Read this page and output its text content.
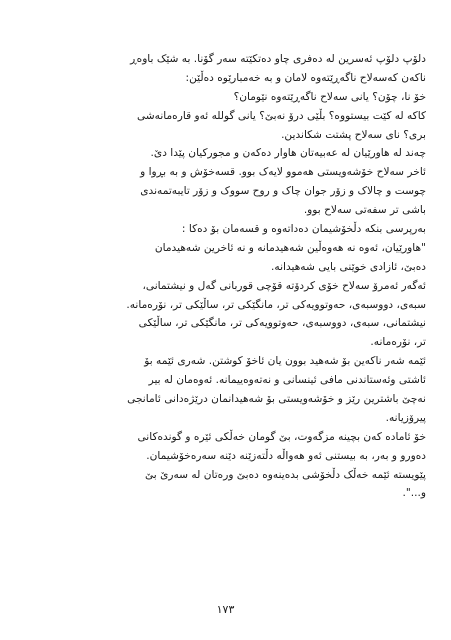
دلۆپ دلۆپ ئەسرین لە دەفری چاو دەتکێتە سەر گۆنا. بە شێک باوەڕ
ناکەن کەسەلاح ناگەڕێتەوە لامان و بە خەمبارێوە دەڵێن:
خۆ نا، چۆن؟ یانی سەلاح ناگەڕێتەوە نێومان؟
کاکە لە کێت بیستووە؟ بڵێی درۆ نەبێ؟ یانی گوللە ئەو قارەمانەشی
بری؟ نای سەلاح پشتت شکاندین.
چەند لە هاورێیان لە عەبیەتان هاوار دەکەن و مجورکیان پێدا دێ.
ئاخر سەلاح خۆشەویستی هەموو لایەک بوو. قسەخۆش و بە بڕوا و
چوست و چالاک و زۆر جوان چاک و روح سووک و زۆر تایبەتمەندی
باشی تر سفەتی سەلاح بوو.
بەرپرسی بنکە دڵخۆشیمان دەداتەوە و قسەمان بۆ دەکا :
"هاورێیان، ئەوە نە هەوەڵین شەهیدمانە و نە ئاخرین شەهیدمان
دەبێ، ئازادی خوێنی بایی شەهیدانە.
ئەگەر ئەمرۆ سەلاح خۆی کردۆتە قۆچی قوربانی گەل و نیشتمانی،
سبەی، دووسبەی، حەوتوویەکی تر، مانگێکی تر، ساڵێکی تر، نۆرەمانە.
نیشتمانی، سبەی، دووسبەی، حەوتوویەکی تر، مانگێکی تر، ساڵێکی
تر، نۆرەمانە.
ئێمە شەر ناکەین بۆ شەهید بوون یان ئاخۆ کوشتن. شەری ئێمە بۆ
ئاشتی وئەستاندنی مافی ئینسانی و نەتەوەییمانە. ئەوەمان لە بیر
نەچێ باشترین رێز و خۆشەویستی بۆ شەهیدانمان درێژەدانی ئامانجی
پیرۆزیانە.
خۆ ئامادە کەن بچینە مزگەوت، بێ گومان خەڵکی ئێرە و گوندەکانی
دەورو و بەر، بە بیستنی ئەو هەواڵە دڵتەزێنە دێنە سەرەخۆشیمان.
پێویستە ئێمە خەڵک دڵخۆشی بدەینەوە دەبێ ورەتان لە سەرێ بێ
و...".
١٧٣
